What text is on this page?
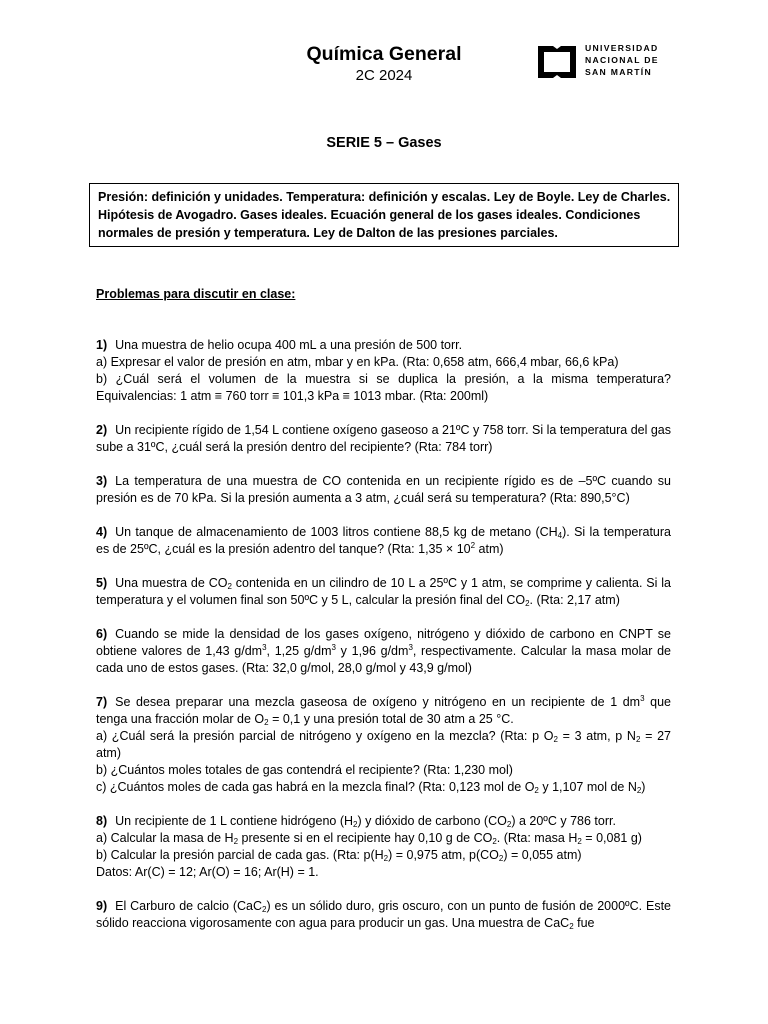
Química General
2C 2024
UNIVERSIDAD
NACIONAL DE
SAN MARTÍN
SERIE 5 – Gases
Presión: definición y unidades. Temperatura: definición y escalas. Ley de Boyle. Ley de Charles. Hipótesis de Avogadro. Gases ideales. Ecuación general de los gases ideales. Condiciones normales de presión y temperatura. Ley de Dalton de las presiones parciales.

Problemas para discutir en clase:

1) Una muestra de helio ocupa 400 mL a una presión de 500 torr.
a) Expresar el valor de presión en atm, mbar y en kPa. (Rta: 0,658 atm, 666,4 mbar, 66,6 kPa)
b) ¿Cuál será el volumen de la muestra si se duplica la presión, a la misma temperatura? Equivalencias: 1 atm ≡ 760 torr ≡ 101,3 kPa ≡ 1013 mbar. (Rta: 200ml)

2) Un recipiente rígido de 1,54 L contiene oxígeno gaseoso a 21ºC y 758 torr. Si la temperatura del gas sube a 31ºC, ¿cuál será la presión dentro del recipiente? (Rta: 784 torr)

3) La temperatura de una muestra de CO contenida en un recipiente rígido es de –5ºC cuando su presión es de 70 kPa. Si la presión aumenta a 3 atm, ¿cuál será su temperatura? (Rta: 890,5°C)

4) Un tanque de almacenamiento de 1003 litros contiene 88,5 kg de metano $(CH_4)$. Si la temperatura es de 25ºC, ¿cuál es la presión adentro del tanque? (Rta: $1,35 \times 10^2$ atm)

5) Una muestra de $CO_2$ contenida en un cilindro de 10 L a 25ºC y 1 atm, se comprime y calienta. Si la temperatura y el volumen final son 50ºC y 5 L, calcular la presión final del $CO_2$. (Rta: 2,17 atm)

6) Cuando se mide la densidad de los gases oxígeno, nitrógeno y dióxido de carbono en CNPT se obtiene valores de 1,43 $g/dm^3$, 1,25 $g/dm^3$ y 1,96 $g/dm^3$, respectivamente. Calcular la masa molar de cada uno de estos gases. (Rta: 32,0 g/mol, 28,0 g/mol y 43,9 g/mol)

7) Se desea preparar una mezcla gaseosa de oxígeno y nitrógeno en un recipiente de 1 $dm^3$ que tenga una fracción molar de $O_2 = 0,1$ y una presión total de 30 atm a 25 °C.
a) ¿Cuál será la presión parcial de nitrógeno y oxígeno en la mezcla? (Rta: p $O_2 = 3$ atm, p $N_2 = 27$ atm)
b) ¿Cuántos moles totales de gas contendrá el recipiente? (Rta: 1,230 mol)
c) ¿Cuántos moles de cada gas habrá en la mezcla final? (Rta: 0,123 mol de $O_2$ y 1,107 mol de $N_2$)

8) Un recipiente de 1 L contiene hidrógeno $(H_2)$ y dióxido de carbono $(CO_2)$ a 20ºC y 786 torr.
a) Calcular la masa de $H_2$ presente si en el recipiente hay 0,10 g de $CO_2$. (Rta: masa $H_2 = 0,081$ g)
b) Calcular la presión parcial de cada gas. (Rta: $p(H_2) = 0,975$ atm, $p(CO_2) = 0,055$ atm)
Datos: Ar(C) = 12; Ar(O) = 16; Ar(H) = 1.

9) El Carburo de calcio (CaC$_2$) es un sólido duro, gris oscuro, con un punto de fusión de 2000ºC. Este sólido reacciona vigorosamente con agua para producir un gas. Una muestra de CaC$_2$ fue
